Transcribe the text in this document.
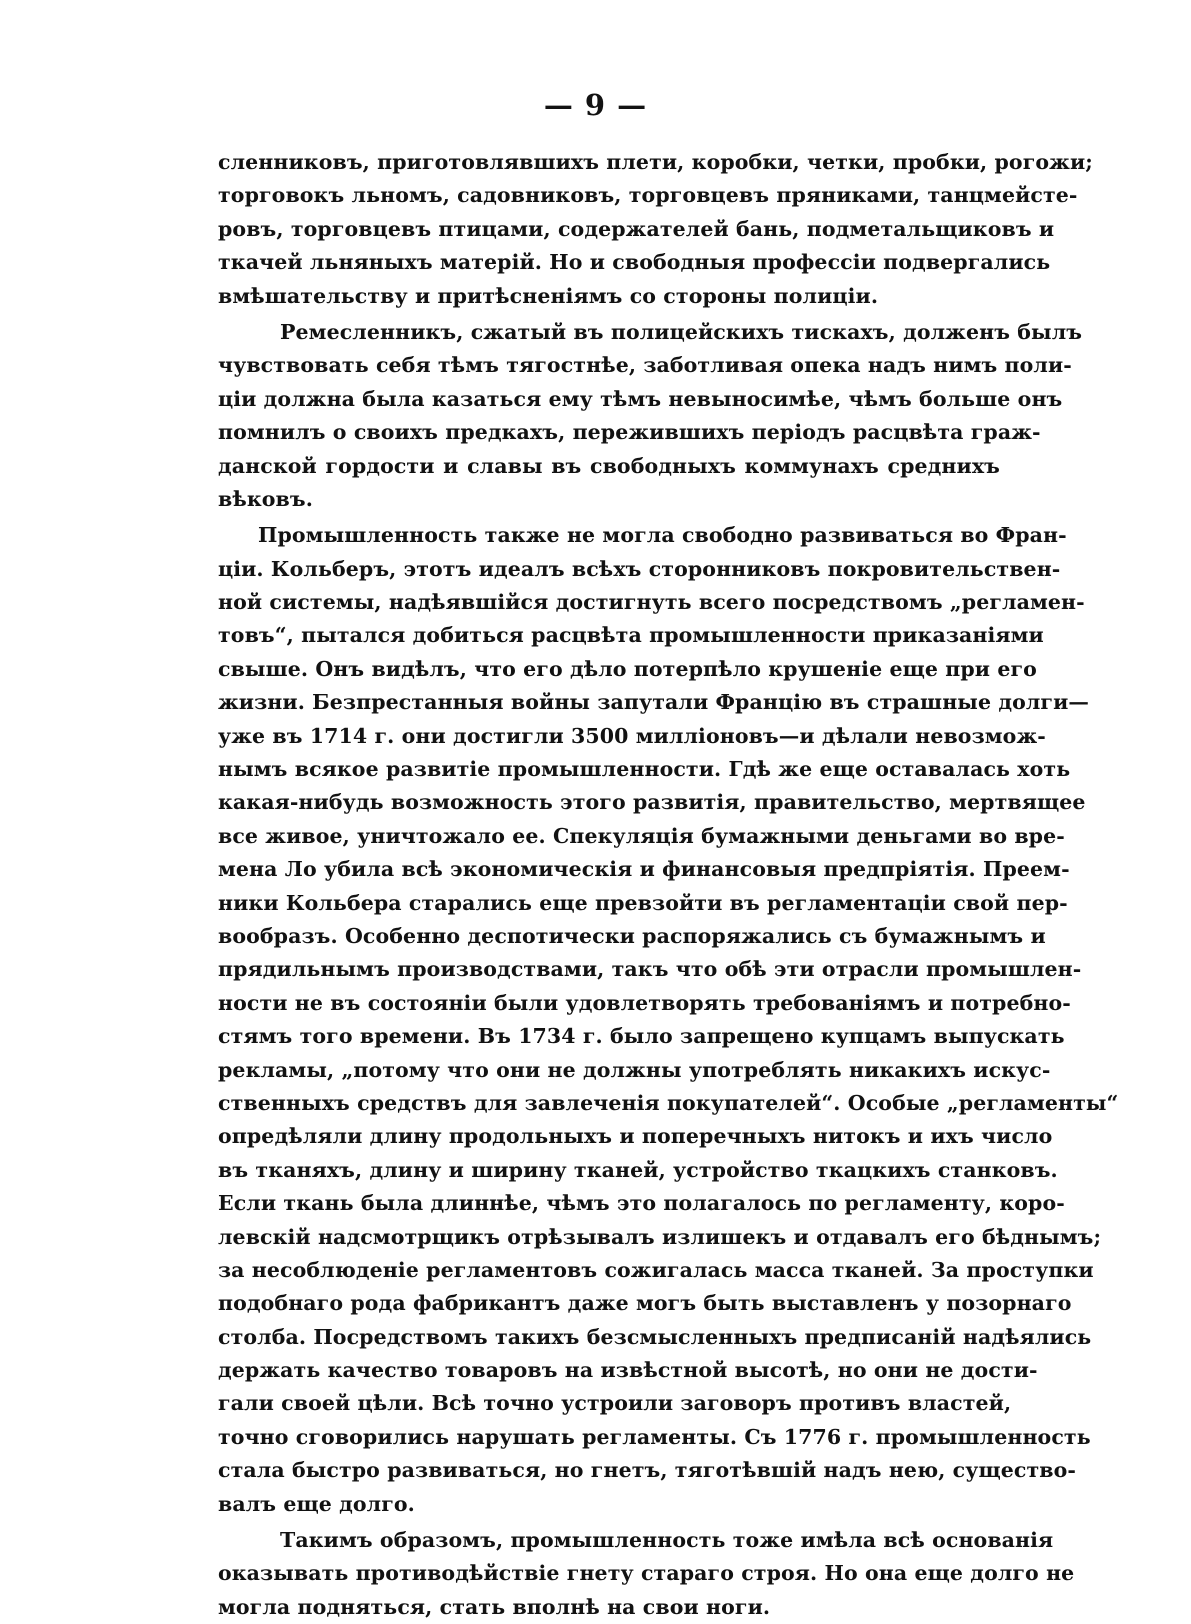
— 9 —
сленниковъ, приготовлявшихъ плети, коробки, четки, пробки, рогожи;
торговокъ льномъ, садовниковъ, торговцевъ пряниками, танцмейсте-
ровъ, торговцевъ птицами, содержателей бань, подметальщиковъ и
ткачей льняныхъ матерій. Но и свободныя профессіи подвергались
вмѣшательству и притѣсненіямъ со стороны полиціи.
Ремесленникъ, сжатый въ полицейскихъ тискахъ, долженъ былъ
чувствовать себя тѣмъ тягостнѣе, заботливая опека надъ нимъ поли-
ціи должна была казаться ему тѣмъ невыносимѣе, чѣмъ больше онъ
помнилъ о своихъ предкахъ, пережившихъ періодъ расцвѣта граж-
данской гордости и славы въ свободныхъ коммунахъ среднихъ
вѣковъ.
Промышленность также не могла свободно развиваться во Фран-
ціи. Кольберъ, этотъ идеалъ всѣхъ сторонниковъ покровительствен-
ной системы, надѣявшійся достигнуть всего посредствомъ „регламен-
товъ“, пытался добиться расцвѣта промышленности приказаніями
свыше. Онъ видѣлъ, что его дѣло потерпѣло крушеніе еще при его
жизни. Безпрестанныя войны запутали Францію въ страшные долги—
уже въ 1714 г. они достигли 3500 милліоновъ—и дѣлали невозмож-
нымъ всякое развитіе промышленности. Гдѣ же еще оставалась хоть
какая-нибудь возможность этого развитія, правительство, мертвящее
все живое, уничтожало ее. Спекуляція бумажными деньгами во вре-
мена Ло убила всѣ экономическія и финансовыя предпріятія. Преем-
ники Кольбера старались еще превзойти въ регламентаціи свой пер-
вообразъ. Особенно деспотически распоряжались съ бумажнымъ и
прядильнымъ производствами, такъ что обѣ эти отрасли промышлен-
ности не въ состояніи были удовлетворять требованіямъ и потребно-
стямъ того времени. Въ 1734 г. было запрещено купцамъ выпускать
рекламы, „потому что они не должны употреблять никакихъ искус-
ственныхъ средствъ для завлеченія покупателей“. Особые „регламенты“
опредѣляли длину продольныхъ и поперечныхъ нитокъ и ихъ число
въ тканяхъ, длину и ширину тканей, устройство ткацкихъ станковъ.
Если ткань была длиннѣе, чѣмъ это полагалось по регламенту, коро-
левскій надсмотрщикъ отрѣзывалъ излишекъ и отдавалъ его бѣднымъ;
за несоблюденіе регламентовъ сожигалась масса тканей. За проступки
подобнаго рода фабрикантъ даже могъ быть выставленъ у позорнаго
столба. Посредствомъ такихъ безсмысленныхъ предписаній надѣялись
держать качество товаровъ на извѣстной высотѣ, но они не дости-
гали своей цѣли. Всѣ точно устроили заговоръ противъ властей,
точно сговорились нарушать регламенты. Съ 1776 г. промышленность
стала быстро развиваться, но гнетъ, тяготѣвшій надъ нею, существо-
валъ еще долго.
Такимъ образомъ, промышленность тоже имѣла всѣ основанія
оказывать противодѣйствіе гнету стараго строя. Но она еще долго не
могла подняться, стать вполнѣ на свои ноги.
